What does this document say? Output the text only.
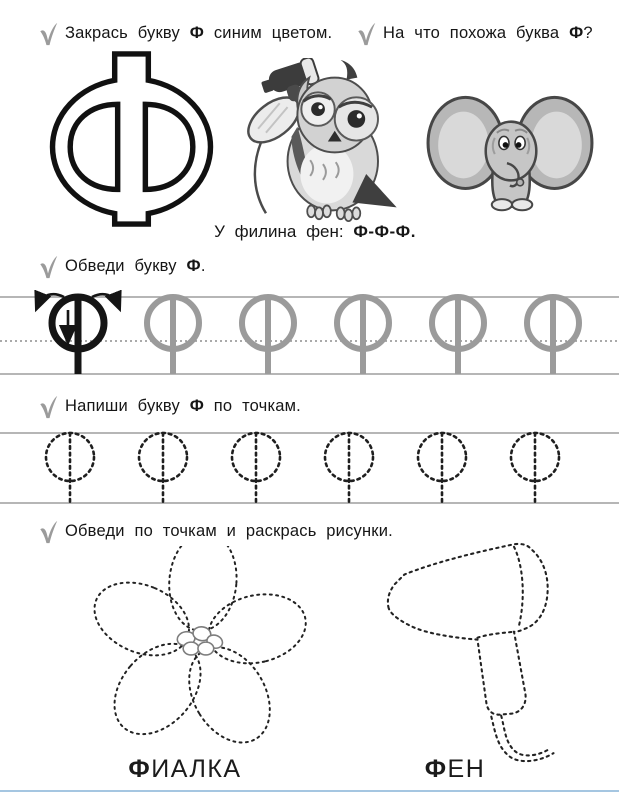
Закрась букву Ф синим цветом.	На что похожа буква Ф?
У филина фен: Ф-Ф-Ф.
Обведи букву Ф.
Напиши букву Ф по точкам.
Обведи по точкам и раскрась рисунки.
ФИАЛКА	ФЕН
